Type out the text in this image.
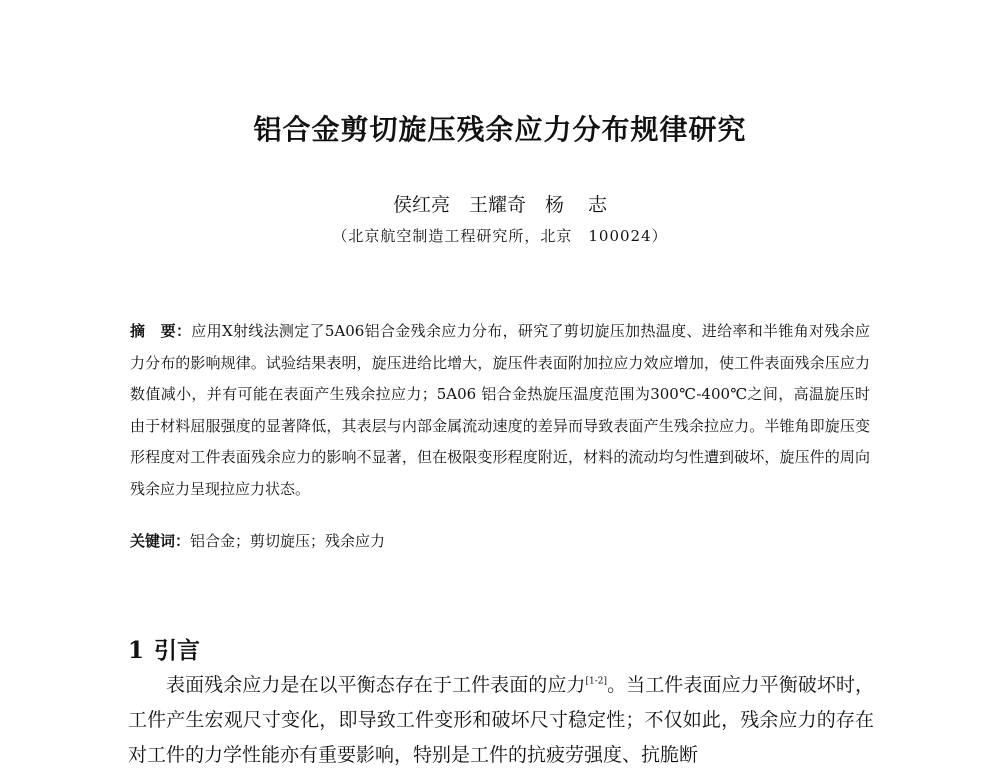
铝合金剪切旋压残余应力分布规律研究
侯红亮　王耀奇　杨 志
（北京航空制造工程研究所，北京　100024）
摘　要：应用X射线法测定了5A06铝合金残余应力分布，研究了剪切旋压加热温度、进给率和半锥角对残余应力分布的影响规律。试验结果表明，旋压进给比增大，旋压件表面附加拉应力效应增加，使工件表面残余压应力数值减小，并有可能在表面产生残余拉应力；5A06 铝合金热旋压温度范围为300℃-400℃之间，高温旋压时由于材料屈服强度的显著降低，其表层与内部金属流动速度的差异而导致表面产生残余拉应力。半锥角即旋压变形程度对工件表面残余应力的影响不显著，但在极限变形程度附近，材料的流动均匀性遭到破坏，旋压件的周向残余应力呈现拉应力状态。
关键词：铝合金；剪切旋压；残余应力
1 引言
表面残余应力是在以平衡态存在于工件表面的应力[1-2]。当工件表面应力平衡破坏时，工件产生宏观尺寸变化，即导致工件变形和破坏尺寸稳定性；不仅如此，残余应力的存在对工件的力学性能亦有重要影响，特别是工件的抗疲劳强度、抗脆断
